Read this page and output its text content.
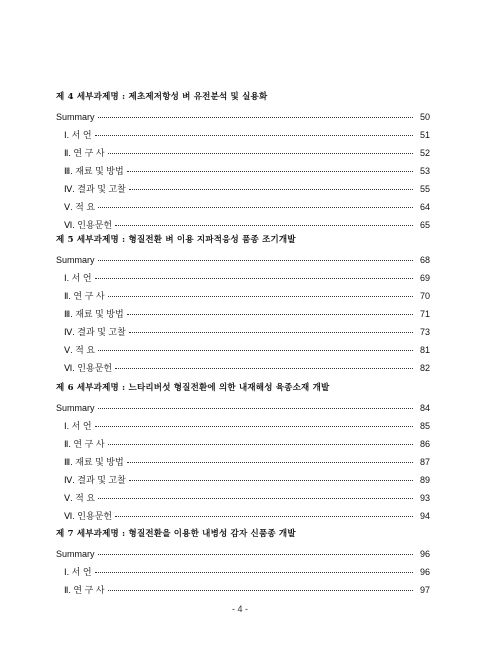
제 4 세부과제명 : 제초제저항성 벼 유전분석 및 실용화
Summary	50
Ⅰ. 서 언	51
Ⅱ. 연 구 사	52
Ⅲ. 재료 및 방법	53
Ⅳ. 결과 및 고찰	55
Ⅴ. 적 요	64
Ⅵ. 인용문헌	65
제 5 세부과제명 : 형질전환 벼 이용 지파적응성 품종 조기개발
Summary	68
Ⅰ. 서 언	69
Ⅱ. 연 구 사	70
Ⅲ. 재료 및 방법	71
Ⅳ. 결과 및 고찰	73
Ⅴ. 적 요	81
Ⅵ. 인용문헌	82
제 6 세부과제명 : 느타리버섯 형질전환에 의한 내재해성 육종소재 개발
Summary	84
Ⅰ. 서 언	85
Ⅱ. 연 구 사	86
Ⅲ. 재료 및 방법	87
Ⅳ. 결과 및 고찰	89
Ⅴ. 적 요	93
Ⅵ. 인용문헌	94
제 7 세부과제명 : 형질전환을 이용한 내병성 감자 신품종 개발
Summary	96
Ⅰ. 서 언	96
Ⅱ. 연 구 사	97
- 4 -
